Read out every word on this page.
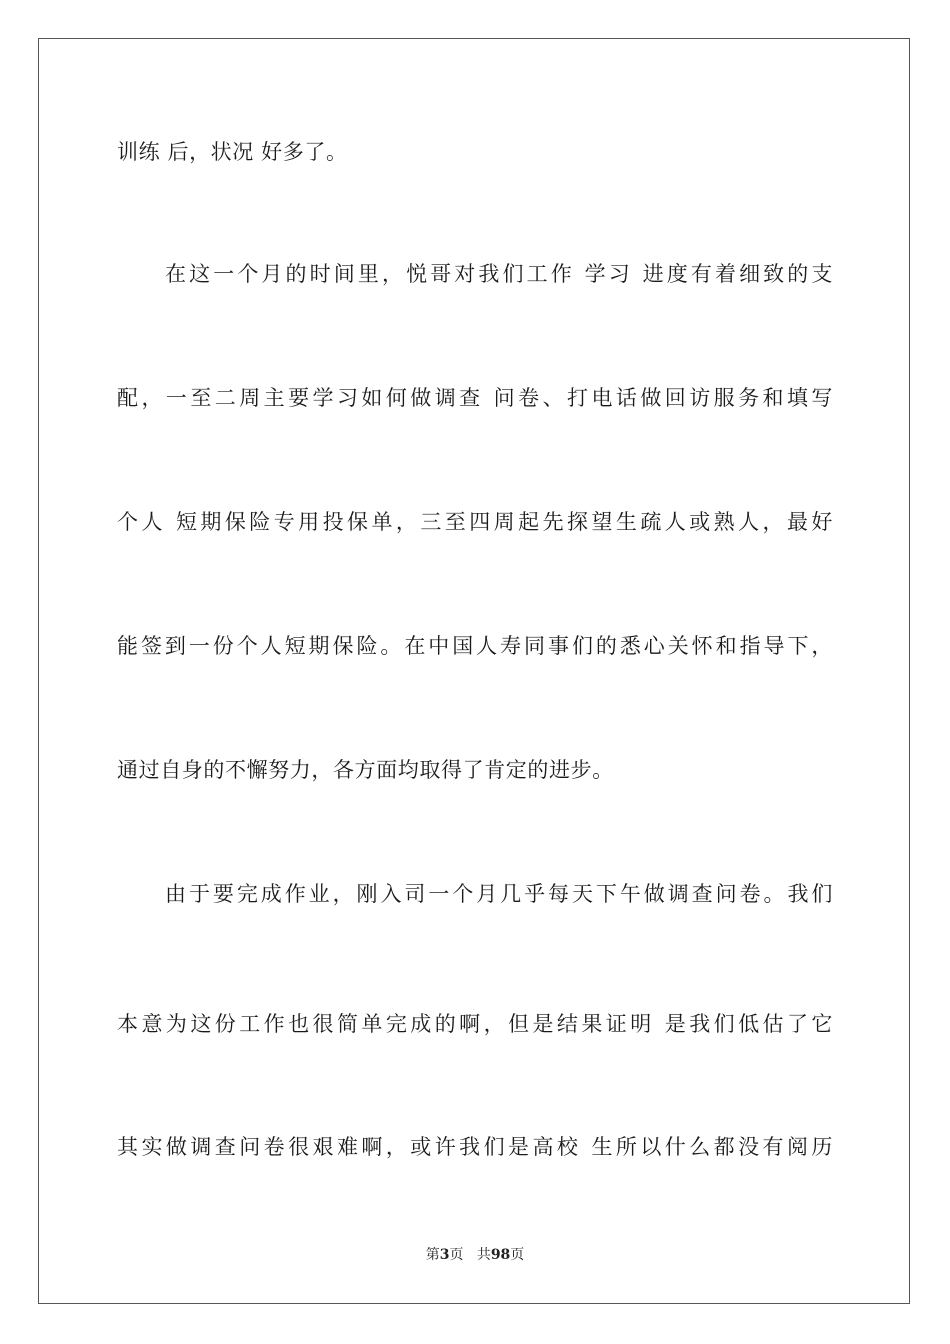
训练 后，状况 好多了。
在这一个月的时间里，悦哥对我们工作 学习 进度有着细致的支
配，一至二周主要学习如何做调查 问卷、打电话做回访服务和填写
个人 短期保险专用投保单，三至四周起先探望生疏人或熟人，最好
能签到一份个人短期保险。在中国人寿同事们的悉心关怀和指导下，
通过自身的不懈努力，各方面均取得了肯定的进步。
由于要完成作业，刚入司一个月几乎每天下午做调查问卷。我们
本意为这份工作也很简单完成的啊，但是结果证明 是我们低估了它
其实做调查问卷很艰难啊，或许我们是高校 生所以什么都没有阅历
第3页 共98页
